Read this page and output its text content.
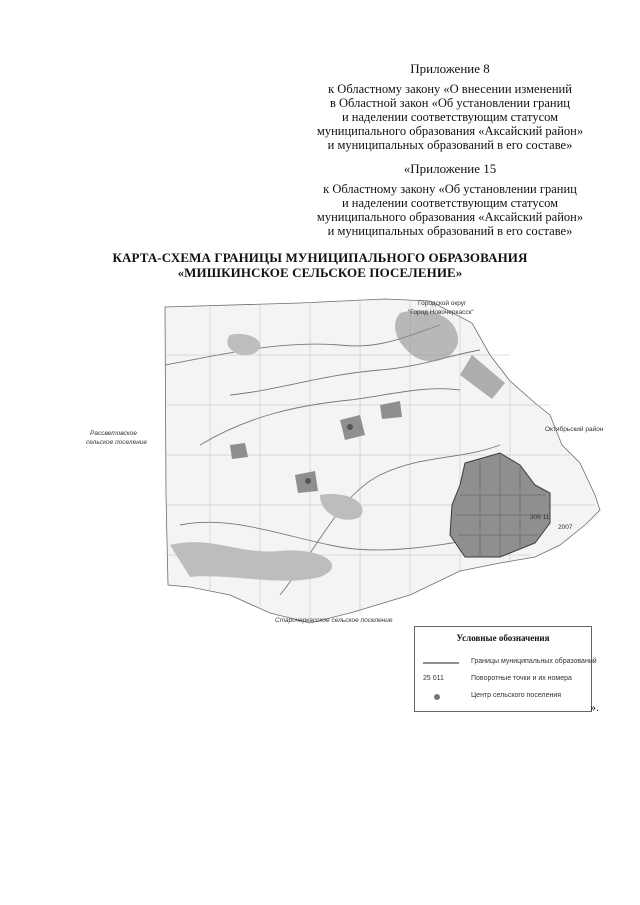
Приложение 8
к Областному закону «О внесении изменений
в Областной закон «Об установлении границ
и наделении соответствующим статусом
муниципального образования «Аксайский район»
и муниципальных образований в его составе»
«Приложение 15
к Областному закону «Об установлении границ
и наделении соответствующим статусом
муниципального образования «Аксайский район»
и муниципальных образований в его составе»
КАРТА-СХЕМА ГРАНИЦЫ МУНИЦИПАЛЬНОГО ОБРАЗОВАНИЯ
«МИШКИНСКОЕ СЕЛЬСКОЕ ПОСЕЛЕНИЕ»
Городской округ
"Город Новочеркасск"
Октябрьский район
Рассветовское
сельское поселение
Старочеркасское сельское поселение
2007
306 11
Условные обозначения
Границы муниципальных образований
25 011	Поворотные точки и их номера
Центр сельского поселения
».
